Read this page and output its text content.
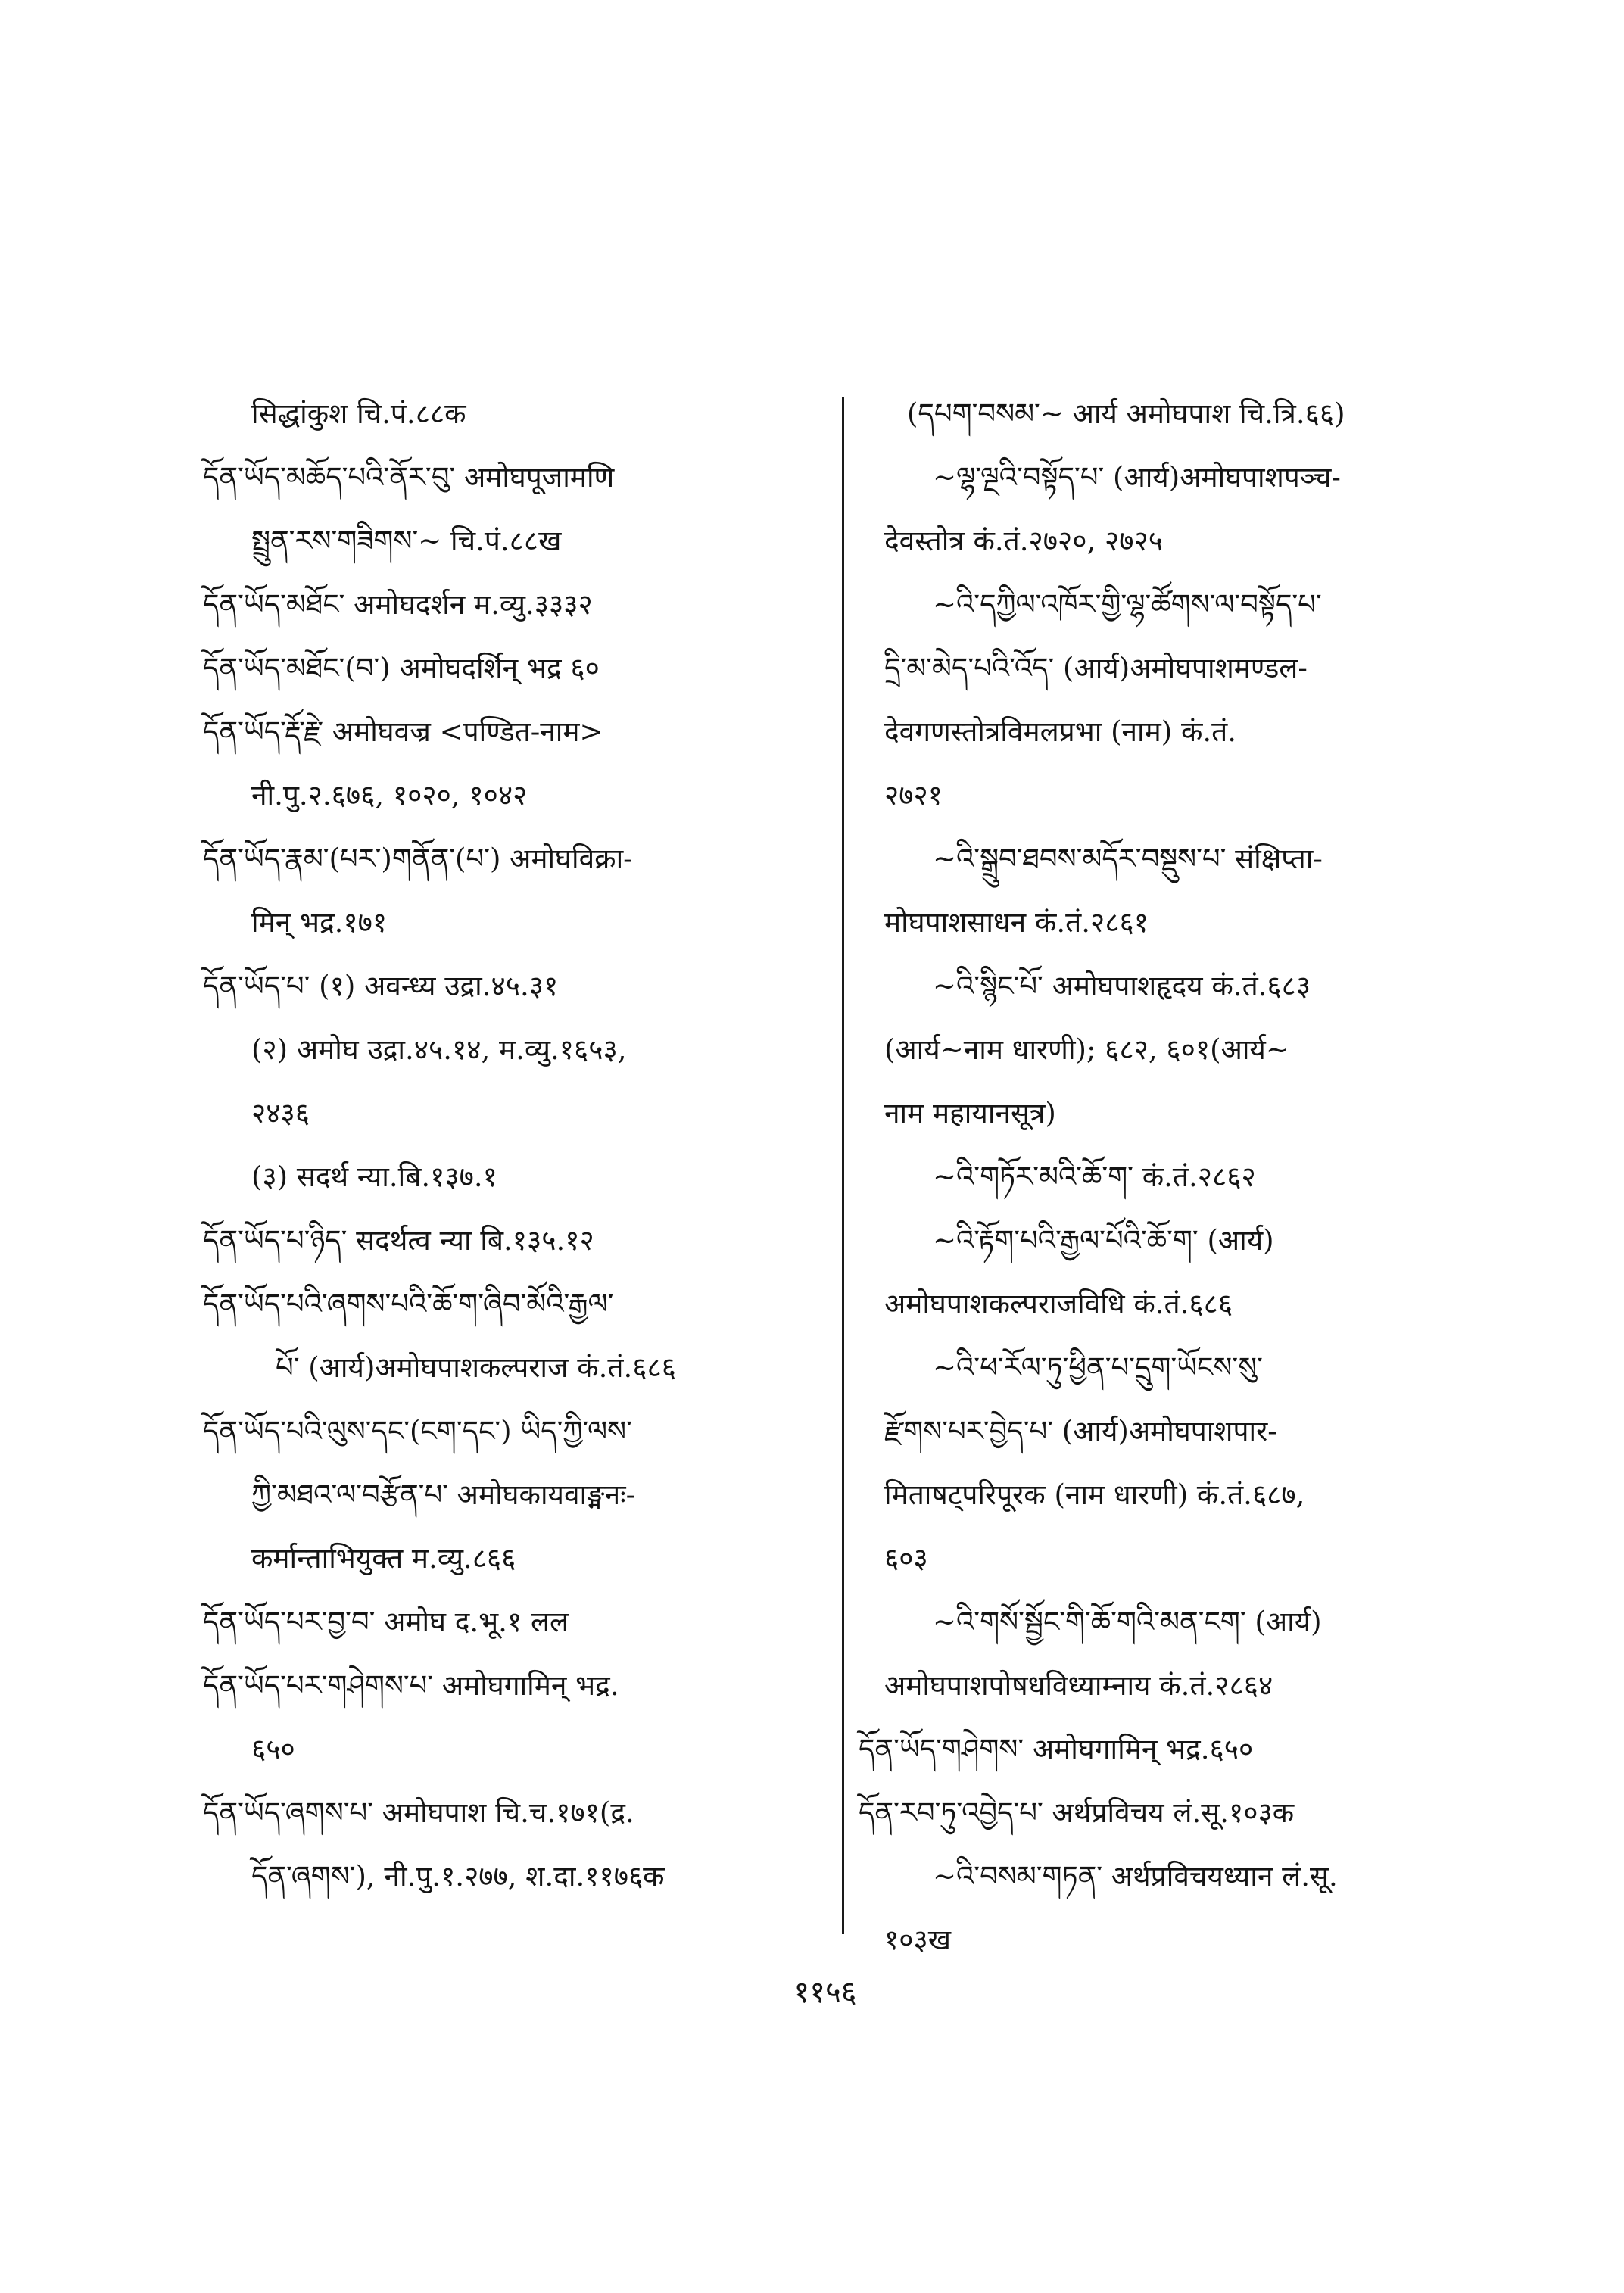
सिद्धांकुश चि.पं.८८क

དོན་ཡོད་མཆོད་པའི་ནོར་བུ་ अमोघपूजामणि

སྤྲུན་རས་གཟིགས་~ चि.पं.८८ख

དོན་ཡོད་མཐོང་ अमोघदर्शन म.व्यु.३३३२

དོན་ཡོད་མཐོང་(བ་) अमोघदर्शिन् भद्र ६०

དོན་ཡོད་རྡོ་རྗེ་ अमोघवज्र <पण्डित-नाम>

नी.पु.२.६७६, १०२०, १०४२

དོན་ཡོད་རྣམ་(པར་)གནོན་(པ་) अमोघविक्रा-

मिन् भद्र.१७१

དོན་ཡོད་པ་ (१) अवन्ध्य उद्रा.४५.३१

(२) अमोघ उद्रा.४५.१४, म.व्यु.१६५३,

२४३६

(३) सदर्थ न्या.बि.१३७.१

དོན་ཡོད་པ་ཉིད་ सदर्थत्व न्या बि.१३५.१२

དོན་ཡོད་པའི་ཞགས་པའི་ཆོ་ག་ཞིབ་མོའི་རྒྱལ་

པོ་ (आर्य)अमोघपाशकल्पराज कं.तं.६८६

དོན་ཡོད་པའི་ལུས་དང་(ངག་དང་) ཡིད་ཀྱི་ལས་

ཀྱི་མཐའ་ལ་བརྩོན་པ་ अमोघकायवाङ्मनः-

कर्मान्ताभियुक्त म.व्यु.८६६

དོན་ཡོད་པར་བྱ་བ་ अमोघ द.भू.१ लल

དོན་ཡོད་པར་གཤེགས་པ་ अमोघगामिन् भद्र.

६५०

དོན་ཡོད་ཞགས་པ་ अमोघपाश चि.च.१७१(द्र.

དོན་ཞགས་), नी.पु.१.२७७, श.दा.११७६क

(དཔག་བསམ་~ आर्य अमोघपाश चि.त्रि.६६)

~ལྷ་ལྔའི་བསྟོད་པ་ (आर्य)अमोघपाशपञ्च-

देवस्तोत्र कं.तं.२७२०, २७२५

~འི་དཀྱིལ་འཁོར་གྱི་ལྷ་ཚོགས་ལ་བསྟོད་པ་

དྲི་མ་མེད་པའི་འོད་ (आर्य)अमोघपाशमण्डल-

देवगणस्तोत्रविमलप्रभा (नाम) कं.तं.

२७२१

~འི་སྒྲུབ་ཐབས་མདོར་བསྡུས་པ་ संक्षिप्ता-

मोघपाशसाधन कं.तं.२८६१

~འི་སྙིང་པོ་ अमोघपाशहृदय कं.तं.६८३

(आर्य~नाम धारणी); ६८२, ६०१(आर्य~

नाम महायानसूत्र)

~འི་གཏོར་མའི་ཆོ་ག་ कं.तं.२८६२

~འི་རྟོག་པའི་རྒྱལ་པོའི་ཆོ་ག་ (आर्य)

अमोघपाशकल्पराजविधि कं.तं.६८६

~འི་ཕ་རོལ་ཏུ་ཕྱིན་པ་དྲུག་ཡོངས་སུ་

རྫོགས་པར་བྱེད་པ་ (आर्य)अमोघपाशपार-

मिताषट्परिपूरक (नाम धारणी) कं.तं.६८७,

६०३

~འི་གསོ་སྦྱོང་གི་ཆོ་གའི་མན་ངག་ (आर्य)

अमोघपाशपोषधविध्याम्नाय कं.तं.२८६४

དོན་ཡོད་གཤེགས་ अमोघगामिन् भद्र.६५०

དོན་རབ་ཏུ་འབྱེད་པ་ अर्थप्रविचय लं.सू.१०३क

~འི་བསམ་གཏན་ अर्थप्रविचयध्यान लं.सू.

१०३ख

११५६
